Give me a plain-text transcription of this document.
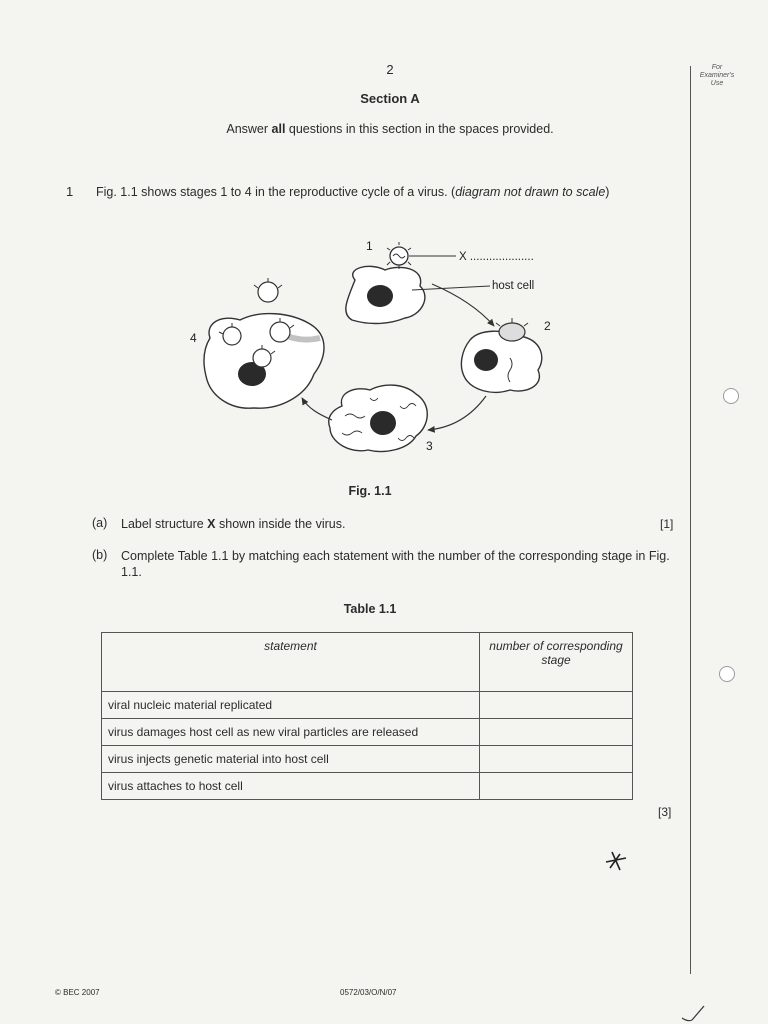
2
Section A
Answer all questions in this section in the spaces provided.
For Examiner's Use
1 Fig. 1.1 shows stages 1 to 4 in the reproductive cycle of a virus. (diagram not drawn to scale)
1
2
3
4
X ....................
host cell
Fig. 1.1
(a) Label structure X shown inside the virus.	[1]
(b) Complete Table 1.1 by matching each statement with the number of the corresponding stage in Fig. 1.1.
Table 1.1
statement	number of corresponding stage
viral nucleic material replicated	
virus damages host cell as new viral particles are released	
virus injects genetic material into host cell	
virus attaches to host cell	
[3]
© BEC 2007	0572/03/O/N/07
